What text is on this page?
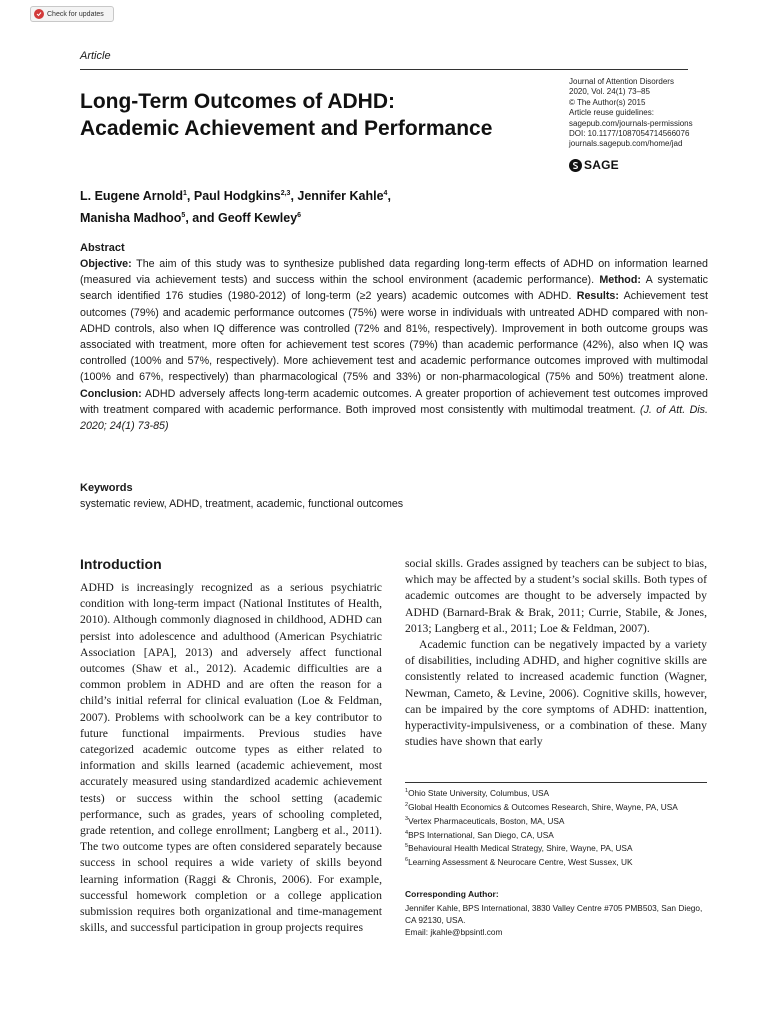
Check for updates
Article
Long-Term Outcomes of ADHD:
Academic Achievement and Performance
Journal of Attention Disorders
2020, Vol. 24(1) 73–85
© The Author(s) 2015
Article reuse guidelines:
sagepub.com/journals-permissions
DOI: 10.1177/1087054714566076
journals.sagepub.com/home/jad
SAGE
L. Eugene Arnold$^1$, Paul Hodgkins$^{2,3}$, Jennifer Kahle$^4$,
Manisha Madhoo$^5$, and Geoff Kewley$^6$
Abstract

Objective: The aim of this study was to synthesize published data regarding long-term effects of ADHD on information learned (measured via achievement tests) and success within the school environment (academic performance). Method: A systematic search identified 176 studies (1980-2012) of long-term (≥2 years) academic outcomes with ADHD. Results: Achievement test outcomes (79%) and academic performance outcomes (75%) were worse in individuals with untreated ADHD compared with non-ADHD controls, also when IQ difference was controlled (72% and 81%, respectively). Improvement in both outcome groups was associated with treatment, more often for achievement test scores (79%) than academic performance (42%), also when IQ was controlled (100% and 57%, respectively). More achievement test and academic performance outcomes improved with multimodal (100% and 67%, respectively) than pharmacological (75% and 33%) or non-pharmacological (75% and 50%) treatment alone. Conclusion: ADHD adversely affects long-term academic outcomes. A greater proportion of achievement test outcomes improved with treatment compared with academic performance. Both improved most consistently with multimodal treatment. (J. of Att. Dis. 2020; 24(1) 73-85)

Keywords
systematic review, ADHD, treatment, academic, functional outcomes
Introduction

ADHD is increasingly recognized as a serious psychiatric condition with long-term impact (National Institutes of Health, 2010). Although commonly diagnosed in childhood, ADHD can persist into adolescence and adulthood (American Psychiatric Association [APA], 2013) and adversely affect functional outcomes (Shaw et al., 2012). Academic difficulties are a common problem in ADHD and are often the reason for a child’s initial referral for clinical evaluation (Loe & Feldman, 2007). Problems with schoolwork can be a key contributor to future functional impairments. Previous studies have categorized academic outcome types as either related to information and skills learned (academic achievement, most accurately measured using standardized academic achievement tests) or success within the school setting (academic performance, such as grades, years of schooling completed, grade retention, and college enrollment; Langberg et al., 2011). The two outcome types are often considered separately because success in school requires a wide variety of skills beyond learning information (Raggi & Chronis, 2006). For example, successful homework completion or a college application submission requires both organizational and time-management skills, and successful participation in group projects requires

social skills. Grades assigned by teachers can be subject to bias, which may be affected by a student’s social skills. Both types of academic outcomes are thought to be adversely impacted by ADHD (Barnard-Brak & Brak, 2011; Currie, Stabile, & Jones, 2013; Langberg et al., 2011; Loe & Feldman, 2007).

Academic function can be negatively impacted by a variety of disabilities, including ADHD, and higher cognitive skills are consistently related to increased academic function (Wagner, Newman, Cameto, & Levine, 2006). Cognitive skills, however, can be impaired by the core symptoms of ADHD: inattention, hyperactivity-impulsiveness, or a combination of these. Many studies have shown that early

$^1$Ohio State University, Columbus, USA
$^2$Global Health Economics & Outcomes Research, Shire, Wayne, PA, USA
$^3$Vertex Pharmaceuticals, Boston, MA, USA
$^4$BPS International, San Diego, CA, USA
$^5$Behavioural Health Medical Strategy, Shire, Wayne, PA, USA
$^6$Learning Assessment & Neurocare Centre, West Sussex, UK
Corresponding Author:
Jennifer Kahle, BPS International, 3830 Valley Centre #705 PMB503, San Diego, CA 92130, USA.
Email: jkahle@bpsintl.com
